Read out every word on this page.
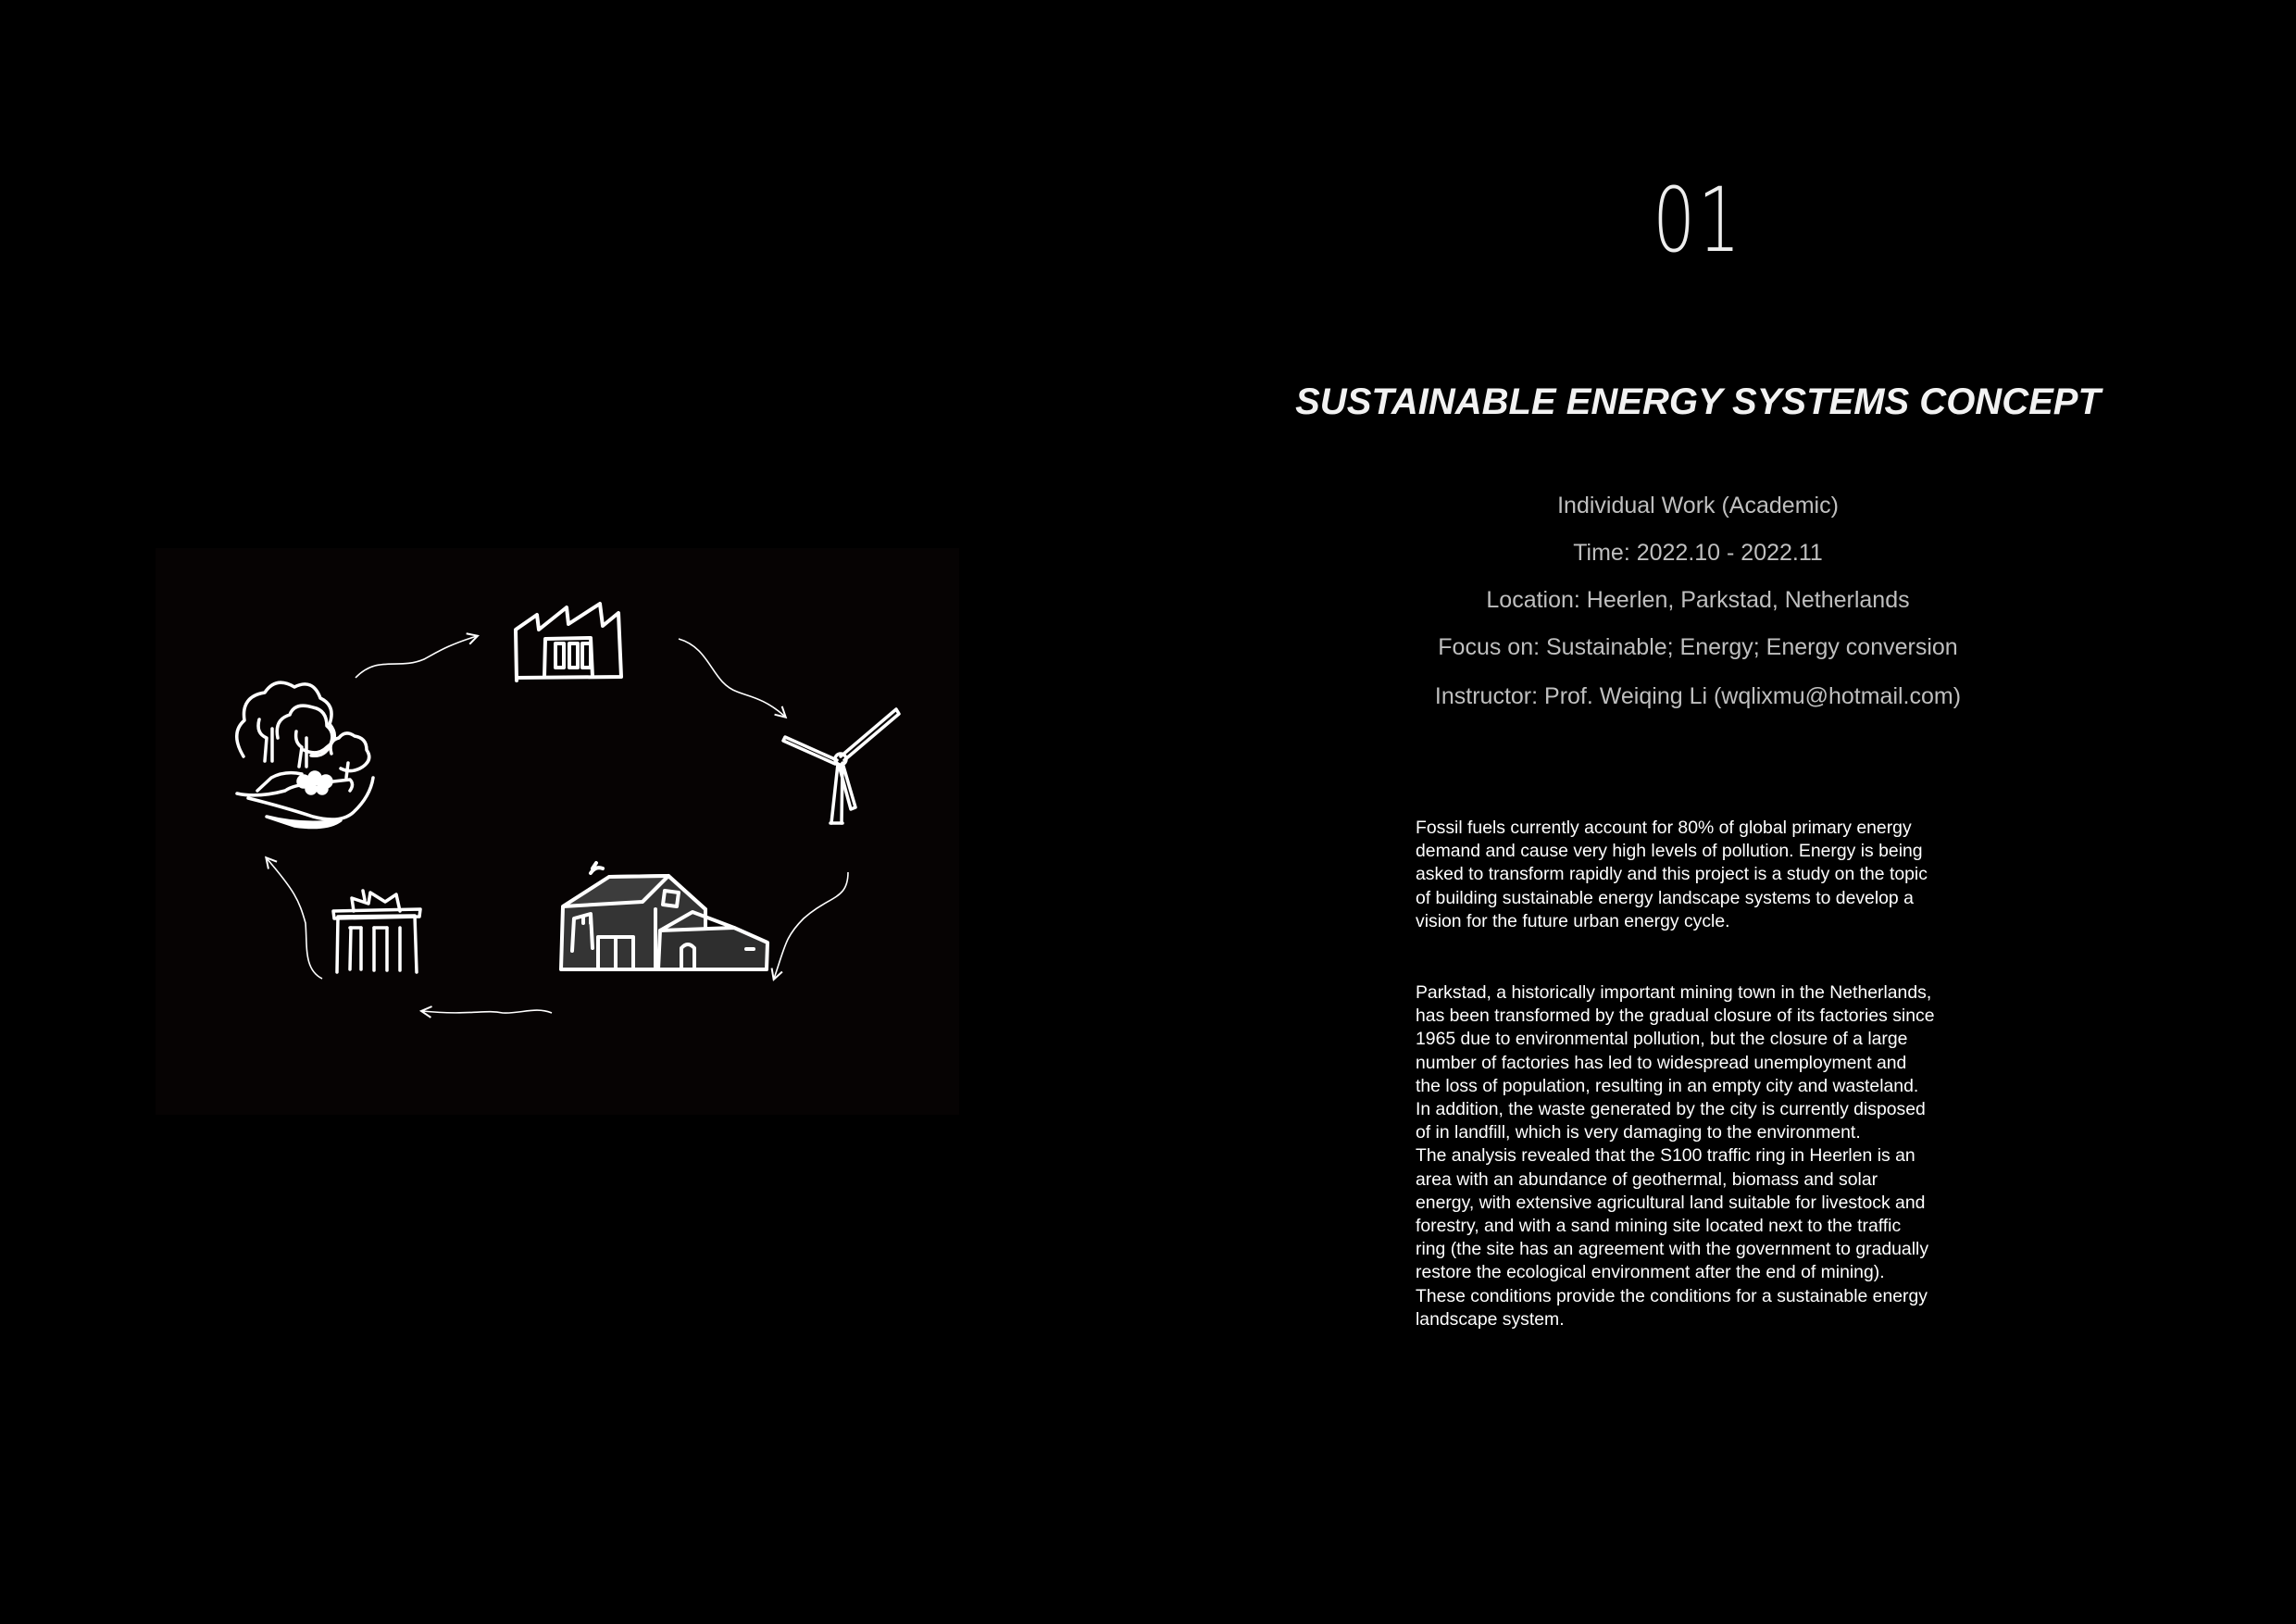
01
SUSTAINABLE ENERGY SYSTEMS CONCEPT
Individual Work (Academic)
Time: 2022.10 - 2022.11
Location: Heerlen, Parkstad, Netherlands
Focus on: Sustainable; Energy; Energy conversion
Instructor: Prof. Weiqing Li (wqlixmu@hotmail.com)
Fossil fuels currently account for 80% of global primary energy
demand and cause very high levels of pollution. Energy is being
asked to transform rapidly and this project is a study on the topic
of building sustainable energy landscape systems to develop a
vision for the future urban energy cycle.
Parkstad, a historically important mining town in the Netherlands,
has been transformed by the gradual closure of its factories since
1965 due to environmental pollution, but the closure of a large
number of factories has led to widespread unemployment and
the loss of population, resulting in an empty city and wasteland.
In addition, the waste generated by the city is currently disposed
of in landfill, which is very damaging to the environment.
The analysis revealed that the S100 traffic ring in Heerlen is an
area with an abundance of geothermal, biomass and solar
energy, with extensive agricultural land suitable for livestock and
forestry, and with a sand mining site located next to the traffic
ring (the site has an agreement with the government to gradually
restore the ecological environment after the end of mining).
These conditions provide the conditions for a sustainable energy
landscape system.
